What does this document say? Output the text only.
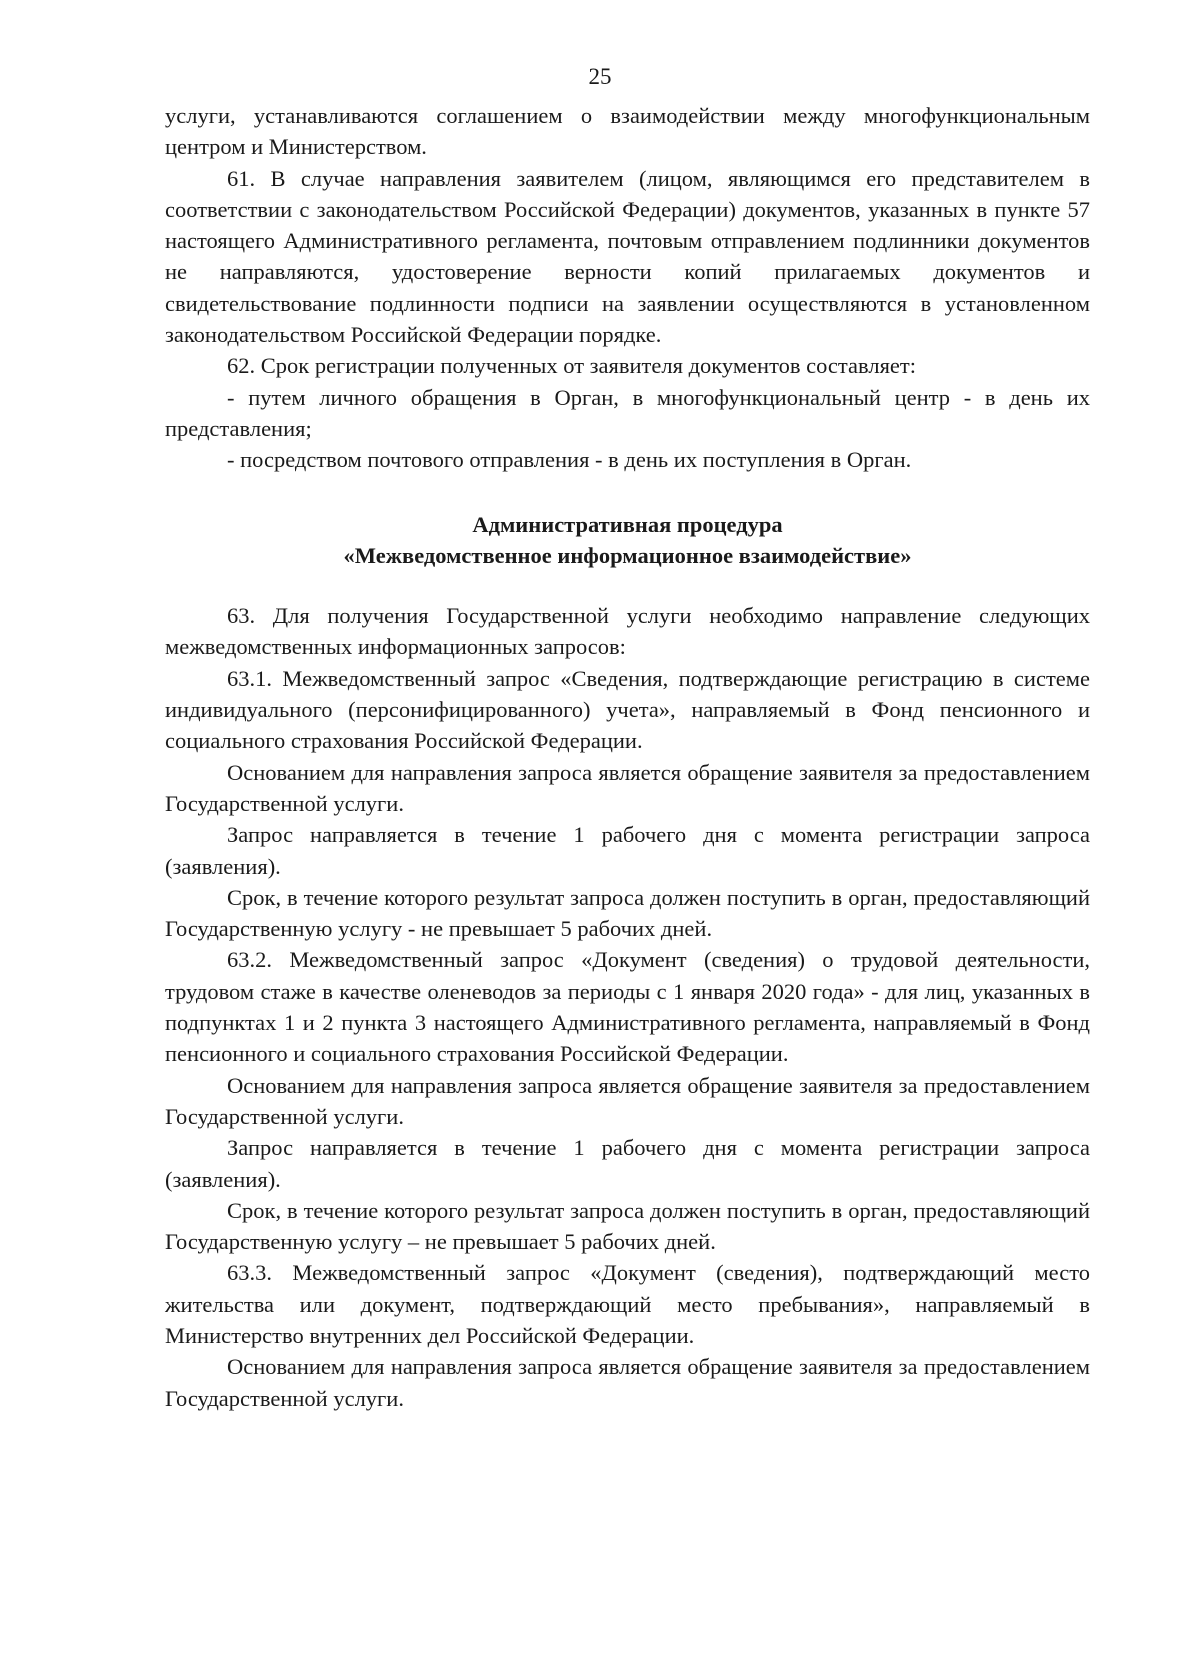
25

услуги, устанавливаются соглашением о взаимодействии между многофункциональным центром и Министерством.

61. В случае направления заявителем (лицом, являющимся его представителем в соответствии с законодательством Российской Федерации) документов, указанных в пункте 57 настоящего Административного регламента, почтовым отправлением подлинники документов не направляются, удостоверение верности копий прилагаемых документов и свидетельствование подлинности подписи на заявлении осуществляются в установленном законодательством Российской Федерации порядке.

62. Срок регистрации полученных от заявителя документов составляет:

- путем личного обращения в Орган, в многофункциональный центр - в день их представления;

- посредством почтового отправления - в день их поступления в Орган.

Административная процедура
«Межведомственное информационное взаимодействие»

63. Для получения Государственной услуги необходимо направление следующих межведомственных информационных запросов:

63.1. Межведомственный запрос «Сведения, подтверждающие регистрацию в системе индивидуального (персонифицированного) учета», направляемый в Фонд пенсионного и социального страхования Российской Федерации.

Основанием для направления запроса является обращение заявителя за предоставлением Государственной услуги.

Запрос направляется в течение 1 рабочего дня с момента регистрации запроса (заявления).

Срок, в течение которого результат запроса должен поступить в орган, предоставляющий Государственную услугу - не превышает 5 рабочих дней.

63.2. Межведомственный запрос «Документ (сведения) о трудовой деятельности, трудовом стаже в качестве оленеводов за периоды с 1 января 2020 года» - для лиц, указанных в подпунктах 1 и 2 пункта 3 настоящего Административного регламента, направляемый в Фонд пенсионного и социального страхования Российской Федерации.

Основанием для направления запроса является обращение заявителя за предоставлением Государственной услуги.

Запрос направляется в течение 1 рабочего дня с момента регистрации запроса (заявления).

Срок, в течение которого результат запроса должен поступить в орган, предоставляющий Государственную услугу – не превышает 5 рабочих дней.

63.3. Межведомственный запрос «Документ (сведения), подтверждающий место жительства или документ, подтверждающий место пребывания», направляемый в Министерство внутренних дел Российской Федерации.

Основанием для направления запроса является обращение заявителя за предоставлением Государственной услуги.
